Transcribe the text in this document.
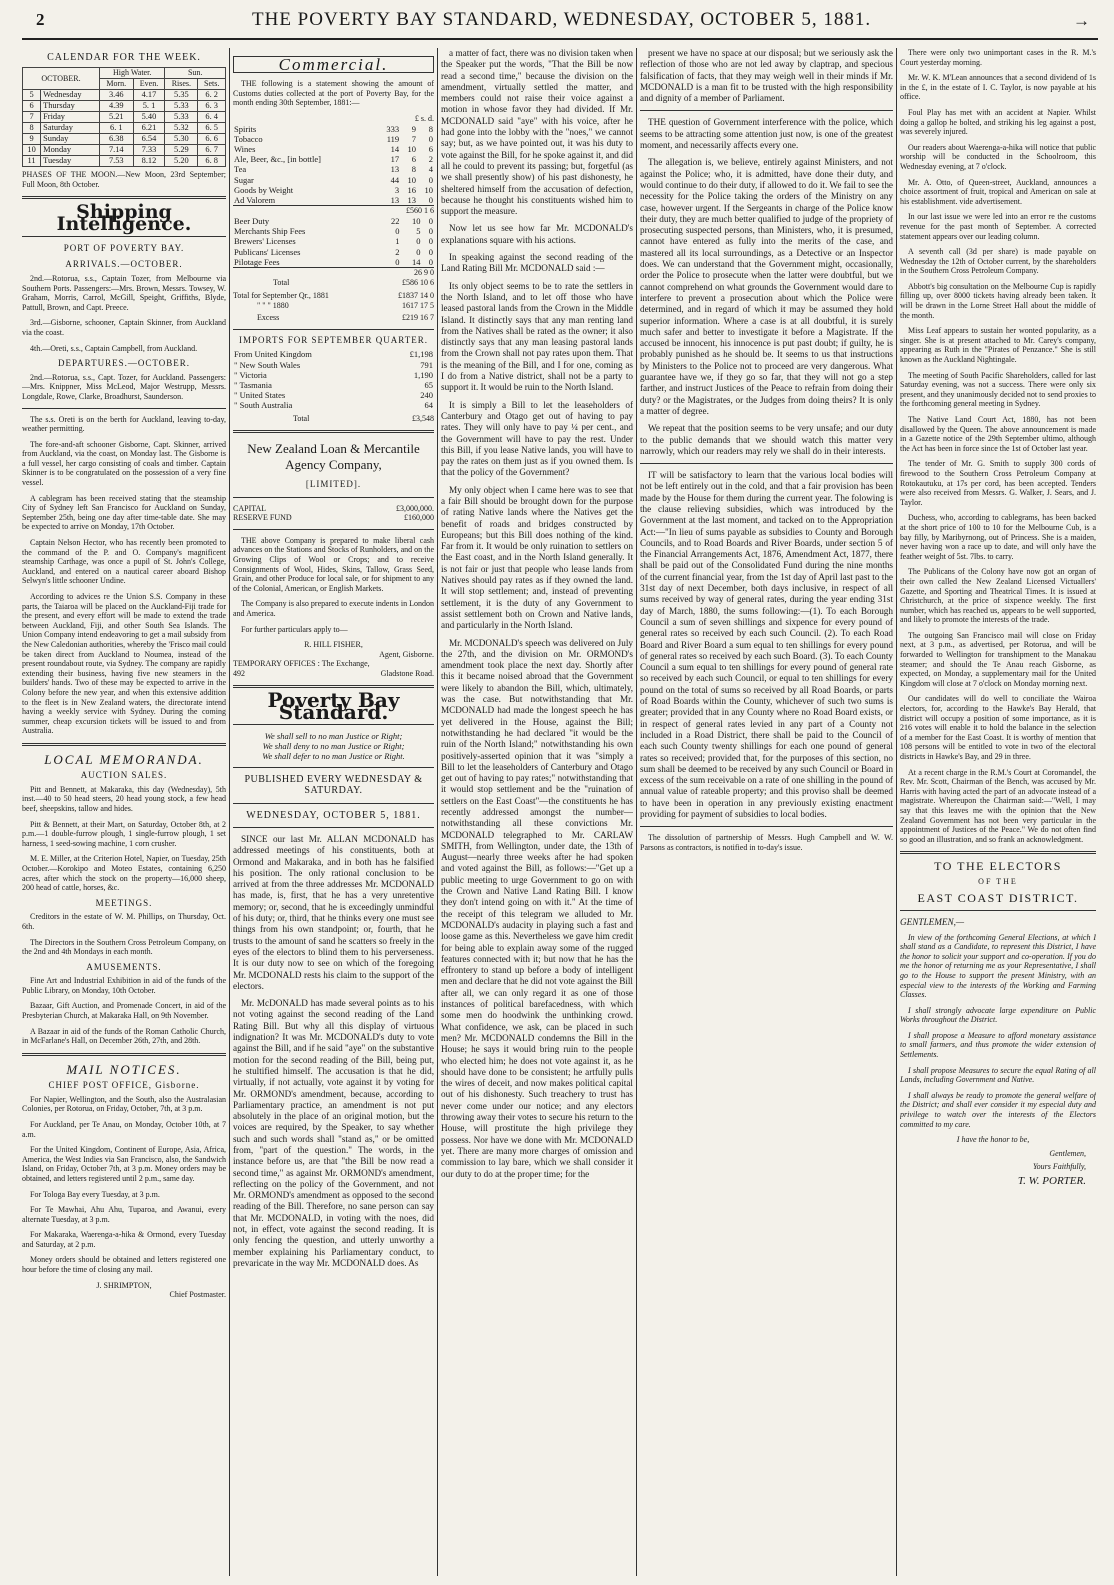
2	THE POVERTY BAY STANDARD, WEDNESDAY, OCTOBER 5, 1881.	→
CALENDAR FOR THE WEEK.
OCTOBER.		High Water.		Sun.	
		Morn.	Even.	Rises.	Sets.
5	Wednesday	3.46	4.17	5.35	6. 2
6	Thursday	4.39	5. 1	5.33	6. 3
7	Friday	5.21	5.40	5.33	6. 4
8	Saturday	6. 1	6.21	5.32	6. 5
9	Sunday	6.38	6.54	5.30	6. 6
10	Monday	7.14	7.33	5.29	6. 7
11	Tuesday	7.53	8.12	5.20	6. 8
PHASES OF THE MOON.—New Moon, 23rd September; Full Moon, 8th October.
Shipping Intelligence.
PORT OF POVERTY BAY.
ARRIVALS.—OCTOBER.

2nd.—Rotorua, s.s., Captain Tozer, from Melbourne via Southern Ports. Passengers:—Mrs. Brown, Messrs. Towsey, W. Graham, Morris, Carrol, McGill, Speight, Griffiths, Blyde, Pattull, Brown, and Capt. Preece.

3rd.—Gisborne, schooner, Captain Skinner, from Auckland via the coast.

4th.—Oreti, s.s., Captain Campbell, from Auckland.

DEPARTURES.—OCTOBER.

2nd.—Rotorua, s.s., Capt. Tozer, for Auckland. Passengers:—Mrs. Knippner, Miss McLeod, Major Westrupp, Messrs. Longdale, Rowe, Clarke, Broadhurst, Saunderson.

The s.s. Oreti is on the berth for Auckland, leaving to-day, weather permitting.

The fore-and-aft schooner Gisborne, Capt. Skinner, arrived from Auckland, via the coast, on Monday last. The Gisborne is a full vessel, her cargo consisting of coals and timber. Captain Skinner is to be congratulated on the possession of a very fine vessel.

A cablegram has been received stating that the steamship City of Sydney left San Francisco for Auckland on Sunday, September 25th, being one day after time-table date. She may be expected to arrive on Monday, 17th October.

Captain Nelson Hector, who has recently been promoted to the command of the P. and O. Company's magnificent steamship Carthage, was once a pupil of St. John's College, Auckland, and entered on a nautical career aboard Bishop Selwyn's little schooner Undine.

According to advices re the Union S.S. Company in these parts, the Taiaroa will be placed on the Auckland-Fiji trade for the present, and every effort will be made to extend the trade between Auckland, Fiji, and other South Sea Islands. The Union Company intend endeavoring to get a mail subsidy from the New Caledonian authorities, whereby the 'Frisco mail could be taken direct from Auckland to Noumea, instead of the present roundabout route, via Sydney. The company are rapidly extending their business, having five new steamers in the builders' hands. Two of these may be expected to arrive in the Colony before the new year, and when this extensive addition to the fleet is in New Zealand waters, the directorate intend having a weekly service with Sydney. During the coming summer, cheap excursion tickets will be issued to and from Australia.

LOCAL MEMORANDA.
AUCTION SALES.

Pitt and Bennett, at Makaraka, this day (Wednesday), 5th inst.—40 to 50 head steers, 20 head young stock, a few head beef, sheepskins, tallow and hides.

Pitt & Bennett, at their Mart, on Saturday, October 8th, at 2 p.m.—1 double-furrow plough, 1 single-furrow plough, 1 set harness, 1 seed-sowing machine, 1 corn crusher.

M. E. Miller, at the Criterion Hotel, Napier, on Tuesday, 25th October.—Korokipo and Moteo Estates, containing 6,250 acres, after which the stock on the property—16,000 sheep, 200 head of cattle, horses, &c.

MEETINGS.

Creditors in the estate of W. M. Phillips, on Thursday, Oct. 6th.

The Directors in the Southern Cross Petroleum Company, on the 2nd and 4th Mondays in each month.

AMUSEMENTS.

Fine Art and Industrial Exhibition in aid of the funds of the Public Library, on Monday, 10th October.

Bazaar, Gift Auction, and Promenade Concert, in aid of the Presbyterian Church, at Makaraka Hall, on 9th November.

A Bazaar in aid of the funds of the Roman Catholic Church, in McFarlane's Hall, on December 26th, 27th, and 28th.

MAIL NOTICES.
CHIEF POST OFFICE, Gisborne.

For Napier, Wellington, and the South, also the Australasian Colonies, per Rotorua, on Friday, October, 7th, at 3 p.m.

For Auckland, per Te Anau, on Monday, October 10th, at 7 a.m.

For the United Kingdom, Continent of Europe, Asia, Africa, America, the West Indies via San Francisco, also, the Sandwich Island, on Friday, October 7th, at 3 p.m. Money orders may be obtained, and letters registered until 2 p.m., same day.

For Tologa Bay every Tuesday, at 3 p.m.

For Te Mawhai, Ahu Ahu, Tuparoa, and Awanui, every alternate Tuesday, at 3 p.m.

For Makaraka, Waerenga-a-hika & Ormond, every Tuesday and Saturday, at 2 p.m.

Money orders should be obtained and letters registered one hour before the time of closing any mail.

J. SHRIMPTON,
Chief Postmaster.
Commercial.

THE following is a statement showing the amount of Customs duties collected at the port of Poverty Bay, for the month ending 30th September, 1881:—

£ s. d.
Spirits	333	9	8
Tobacco	119	7	0
Wines	14	10	6
Ale, Beer, &c., [in bottle]	17	6	2
Tea	13	8	4
Sugar	44	10	0
Goods by Weight	3	16	10
Ad Valorem	13	13	0
£560 1 6
Beer Duty	22	10	0
Merchants Ship Fees	0	5	0
Brewers' Licenses	1	0	0
Publicans' Licenses	2	0	0
Pilotage Fees	0	14	0
26 9 0
Total	£586 10 6
Total for September Qr., 1881	£1837 14 0
" " " 1880	1617 17 5
Excess	£219 16 7
IMPORTS FOR SEPTEMBER QUARTER.
From United Kingdom	£1,198
" New South Wales	791
" Victoria	1,190
" Tasmania	65
" United States	240
" South Australia	64
Total	£3,548
New Zealand Loan & Mercantile Agency Company,
[LIMITED].
CAPITAL	£3,000,000.
RESERVE FUND	£160,000

THE above Company is prepared to make liberal cash advances on the Stations and Stocks of Runholders, and on the Growing Clips of Wool or Crops; and to receive Consignments of Wool, Hides, Skins, Tallow, Grass Seed, Grain, and other Produce for local sale, or for shipment to any of the Colonial, American, or English Markets.

The Company is also prepared to execute indents in London and America.

For further particulars apply to—

R. HILL FISHER,
Agent, Gisborne.
TEMPORARY OFFICES : The Exchange,
492	Gladstone Road.
Poverty Bay Standard.
We shall sell to no man Justice or Right;
We shall deny to no man Justice or Right;
We shall defer to no man Justice or Right.
PUBLISHED EVERY WEDNESDAY & SATURDAY.
WEDNESDAY, OCTOBER 5, 1881.

SINCE our last Mr. ALLAN MCDONALD has addressed meetings of his constituents, both at Ormond and Makaraka, and in both has he falsified his position. The only rational conclusion to be arrived at from the three addresses Mr. MCDONALD has made, is, first, that he has a very unretentive memory; or, second, that he is exceedingly unmindful of his duty; or, third, that he thinks every one must see things from his own standpoint; or, fourth, that he trusts to the amount of sand he scatters so freely in the eyes of the electors to blind them to his perverseness. It is our duty now to see on which of the foregoing Mr. MCDONALD rests his claim to the support of the electors.

Mr. McDONALD has made several points as to his not voting against the second reading of the Land Rating Bill. But why all this display of virtuous indignation? It was Mr. MCDONALD's duty to vote against the Bill, and if he said "aye" on the substantive motion for the second reading of the Bill, being put, he stultified himself. The accusation is that he did, virtually, if not actually, vote against it by voting for Mr. ORMOND's amendment, because, according to Parliamentary practice, an amendment is not put absolutely in the place of an original motion, but the voices are required, by the Speaker, to say whether such and such words shall "stand as," or be omitted from, "part of the question." The words, in the instance before us, are that "the Bill be now read a second time," as against Mr. ORMOND's amendment, reflecting on the policy of the Government, and not Mr. ORMOND's amendment as opposed to the second reading of the Bill. Therefore, no sane person can say that Mr. MCDONALD, in voting with the noes, did not, in effect, vote against the second reading. It is only fencing the question, and utterly unworthy a member explaining his Parliamentary conduct, to prevaricate in the way Mr. MCDONALD does. As

a matter of fact, there was no division taken when the Speaker put the words, "That the Bill be now read a second time," because the division on the amendment, virtually settled the matter, and members could not raise their voice against a motion in whose favor they had divided. If Mr. MCDONALD said "aye" with his voice, after he had gone into the lobby with the "noes," we cannot say; but, as we have pointed out, it was his duty to vote against the Bill, for he spoke against it, and did all he could to prevent its passing; but, forgetful (as we shall presently show) of his past dishonesty, he sheltered himself from the accusation of defection, because he thought his constituents wished him to support the measure.

Now let us see how far Mr. MCDONALD's explanations square with his actions.

In speaking against the second reading of the Land Rating Bill Mr. MCDONALD said :—

Its only object seems to be to rate the settlers in the North Island, and to let off those who have leased pastoral lands from the Crown in the Middle Island. It distinctly says that any man renting land from the Natives shall be rated as the owner; it also distinctly says that any man leasing pastoral lands from the Crown shall not pay rates upon them. That is the meaning of the Bill, and I for one, coming as I do from a Native district, shall not be a party to support it. It would be ruin to the North Island.

It is simply a Bill to let the leaseholders of Canterbury and Otago get out of having to pay rates. They will only have to pay ¼ per cent., and the Government will have to pay the rest. Under this Bill, if you lease Native lands, you will have to pay the rates on them just as if you owned them. Is that the policy of the Government?

My only object when I came here was to see that a fair Bill should be brought down for the purpose of rating Native lands where the Natives get the benefit of roads and bridges constructed by Europeans; but this Bill does nothing of the kind. Far from it. It would be only ruination to settlers on the East coast, and in the North Island generally. It is not fair or just that people who lease lands from Natives should pay rates as if they owned the land. It will stop settlement; and, instead of preventing settlement, it is the duty of any Government to assist settlement both on Crown and Native lands, and particularly in the North Island.

Mr. MCDONALD's speech was delivered on July the 27th, and the division on Mr. ORMOND's amendment took place the next day. Shortly after this it became noised abroad that the Government were likely to abandon the Bill, which, ultimately, was the case. But notwithstanding that Mr. MCDONALD had made the longest speech he has yet delivered in the House, against the Bill; notwithstanding he had declared "it would be the ruin of the North Island;" notwithstanding his own positively-asserted opinion that it was "simply a Bill to let the leaseholders of Canterbury and Otago get out of having to pay rates;" notwithstanding that it would stop settlement and be the "ruination of settlers on the East Coast"—the constituents he has recently addressed amongst the number—notwithstanding all these convictions Mr. MCDONALD telegraphed to Mr. CARLAW SMITH, from Wellington, under date, the 13th of August—nearly three weeks after he had spoken and voted against the Bill, as follows:—"Get up a public meeting to urge Government to go on with the Crown and Native Land Rating Bill. I know they don't intend going on with it." At the time of the receipt of this telegram we alluded to Mr. MCDONALD's audacity in playing such a fast and loose game as this. Nevertheless we gave him credit for being able to explain away some of the rugged features connected with it; but now that he has the effrontery to stand up before a body of intelligent men and declare that he did not vote against the Bill after all, we can only regard it as one of those instances of political barefacedness, with which some men do hoodwink the unthinking crowd. What confidence, we ask, can be placed in such men? Mr. MCDONALD condemns the Bill in the House; he says it would bring ruin to the people who elected him; he does not vote against it, as he should have done to be consistent; he artfully pulls the wires of deceit, and now makes political capital out of his dishonesty. Such treachery to trust has never come under our notice; and any electors throwing away their votes to secure his return to the House, will prostitute the high privilege they possess. Nor have we done with Mr. MCDONALD yet. There are many more charges of omission and commission to lay bare, which we shall consider it our duty to do at the proper time; for the

present we have no space at our disposal; but we seriously ask the reflection of those who are not led away by claptrap, and specious falsification of facts, that they may weigh well in their minds if Mr. MCDONALD is a man fit to be trusted with the high responsibility and dignity of a member of Parliament.

THE question of Government interference with the police, which seems to be attracting some attention just now, is one of the greatest moment, and necessarily affects every one.

The allegation is, we believe, entirely against Ministers, and not against the Police; who, it is admitted, have done their duty, and would continue to do their duty, if allowed to do it. We fail to see the necessity for the Police taking the orders of the Ministry on any case, however urgent. If the Sergeants in charge of the Police know their duty, they are much better qualified to judge of the propriety of prosecuting suspected persons, than Ministers, who, it is presumed, cannot have entered as fully into the merits of the case, and mastered all its local surroundings, as a Detective or an Inspector does. We can understand that the Government might, occasionally, order the Police to prosecute when the latter were doubtful, but we cannot comprehend on what grounds the Government would dare to interfere to prevent a prosecution about which the Police were determined, and in regard of which it may be assumed they hold superior information. Where a case is at all doubtful, it is surely much safer and better to investigate it before a Magistrate. If the accused be innocent, his innocence is put past doubt; if guilty, he is probably punished as he should be. It seems to us that instructions by Ministers to the Police not to proceed are very dangerous. What guarantee have we, if they go so far, that they will not go a step farther, and instruct Justices of the Peace to refrain from doing their duty? or the Magistrates, or the Judges from doing theirs? It is only a matter of degree.

We repeat that the position seems to be very unsafe; and our duty to the public demands that we should watch this matter very narrowly, which our readers may rely we shall do in their interests.

IT will be satisfactory to learn that the various local bodies will not be left entirely out in the cold, and that a fair provision has been made by the House for them during the current year. The folowing is the clause relieving subsidies, which was introduced by the Government at the last moment, and tacked on to the Appropriation Act:—"In lieu of sums payable as subsidies to County and Borough Councils, and to Road Boards and River Boards, under section 5 of the Financial Arrangements Act, 1876, Amendment Act, 1877, there shall be paid out of the Consolidated Fund during the nine months of the current financial year, from the 1st day of April last past to the 31st day of next December, both days inclusive, in respect of all sums received by way of general rates, during the year ending 31st day of March, 1880, the sums following:—(1). To each Borough Council a sum of seven shillings and sixpence for every pound of general rates so received by each such Council. (2). To each Road Board and River Board a sum equal to ten shillings for every pound of general rates so received by each such Board. (3). To each County Council a sum equal to ten shillings for every pound of general rate so received by each such Council, or equal to ten shillings for every pound on the total of sums so received by all Road Boards, or parts of Road Boards within the County, whichever of such two sums is greater; provided that in any County where no Road Board exists, or in respect of general rates levied in any part of a County not included in a Road District, there shall be paid to the Council of each such County twenty shillings for each one pound of general rates so received; provided that, for the purposes of this section, no sum shall be deemed to be received by any such Council or Board in excess of the sum receivable on a rate of one shilling in the pound of annual value of rateable property; and this proviso shall be deemed to have been in operation in any previously existing enactment providing for payment of subsidies to local bodies.

The dissolution of partnership of Messrs. Hugh Campbell and W. W. Parsons as contractors, is notified in to-day's issue.

There were only two unimportant cases in the R. M.'s Court yesterday morning.

Mr. W. K. M'Lean announces that a second dividend of 1s in the £, in the estate of I. C. Taylor, is now payable at his office.

Foul Play has met with an accident at Napier. Whilst doing a gallop he bolted, and striking his leg against a post, was severely injured.

Our readers about Waerenga-a-hika will notice that public worship will be conducted in the Schoolroom, this Wednesday evening, at 7 o'clock.

Mr. A. Otto, of Queen-street, Auckland, announces a choice assortment of fruit, tropical and American on sale at his establishment. vide advertisement.

In our last issue we were led into an error re the customs revenue for the past month of September. A corrected statement appears over our leading column.

A seventh call (3d per share) is made payable on Wednesday the 12th of October current, by the shareholders in the Southern Cross Petroleum Company.

Abbott's big consultation on the Melbourne Cup is rapidly filling up, over 8000 tickets having already been taken. It will be drawn in the Lorne Street Hall about the middle of the month.

Miss Leaf appears to sustain her wonted popularity, as a singer. She is at present attached to Mr. Carey's company, appearing as Ruth in the "Pirates of Penzance." She is still known as the Auckland Nightingale.

The meeting of South Pacific Shareholders, called for last Saturday evening, was not a success. There were only six present, and they unanimously decided not to send proxies to the forthcoming general meeting in Sydney.

The Native Land Court Act, 1880, has not been disallowed by the Queen. The above announcement is made in a Gazette notice of the 29th September ultimo, although the Act has been in force since the 1st of October last year.

The tender of Mr. G. Smith to supply 300 cords of firewood to the Southern Cross Petroleum Company at Rotokautuku, at 17s per cord, has been accepted. Tenders were also received from Messrs. G. Walker, J. Sears, and J. Taylor.

Duchess, who, according to cablegrams, has been backed at the short price of 100 to 10 for the Melbourne Cub, is a bay filly, by Maribyrnong, out of Princess. She is a maiden, never having won a race up to date, and will only have the feather weight of 5st. 7lbs. to carry.

The Publicans of the Colony have now got an organ of their own called the New Zealand Licensed Victuallers' Gazette, and Sporting and Theatrical Times. It is issued at Christchurch, at the price of sixpence weekly. The first number, which has reached us, appears to be well supported, and likely to promote the interests of the trade.

The outgoing San Francisco mail will close on Friday next, at 3 p.m., as advertised, per Rotorua, and will be forwarded to Wellington for transhipment to the Manakau steamer; and should the Te Anau reach Gisborne, as expected, on Monday, a supplementary mail for the United Kingdom will close at 7 o'clock on Monday morning next.

Our candidates will do well to conciliate the Wairoa electors, for, according to the Hawke's Bay Herald, that district will occupy a position of some importance, as it is 216 votes will enable it to hold the balance in the selection of a member for the East Coast. It is worthy of mention that 108 persons will be entitled to vote in two of the electoral districts in Hawke's Bay, and 29 in three.

At a recent charge in the R.M.'s Court at Coromandel, the Rev. Mr. Scott, Chairman of the Bench, was accused by Mr. Harris with having acted the part of an advocate instead of a magistrate. Whereupon the Chairman said:—"Well, I may say that this leaves me with the opinion that the New Zealand Government has not been very particular in the appointment of Justices of the Peace." We do not often find so good an illustration, and so frank an acknowledgment.

TO THE ELECTORS
OF THE
EAST COAST DISTRICT.
GENTLEMEN,—

In view of the forthcoming General Elections, at which I shall stand as a Candidate, to represent this District, I have the honor to solicit your support and co-operation. If you do me the honor of returning me as your Representative, I shall go to the House to support the present Ministry, with an especial view to the interests of the Working and Farming Classes.

I shall strongly advocate large expenditure on Public Works throughout the District.

I shall propose a Measure to afford monetary assistance to small farmers, and thus promote the wider extension of Settlements.

I shall propose Measures to secure the equal Rating of all Lands, including Government and Native.

I shall always be ready to promote the general welfare of the District; and shall ever consider it my especial duty and privilege to watch over the interests of the Electors committed to my care.

I have the honor to be,
Gentlemen,
Yours Faithfully,
T. W. PORTER.
